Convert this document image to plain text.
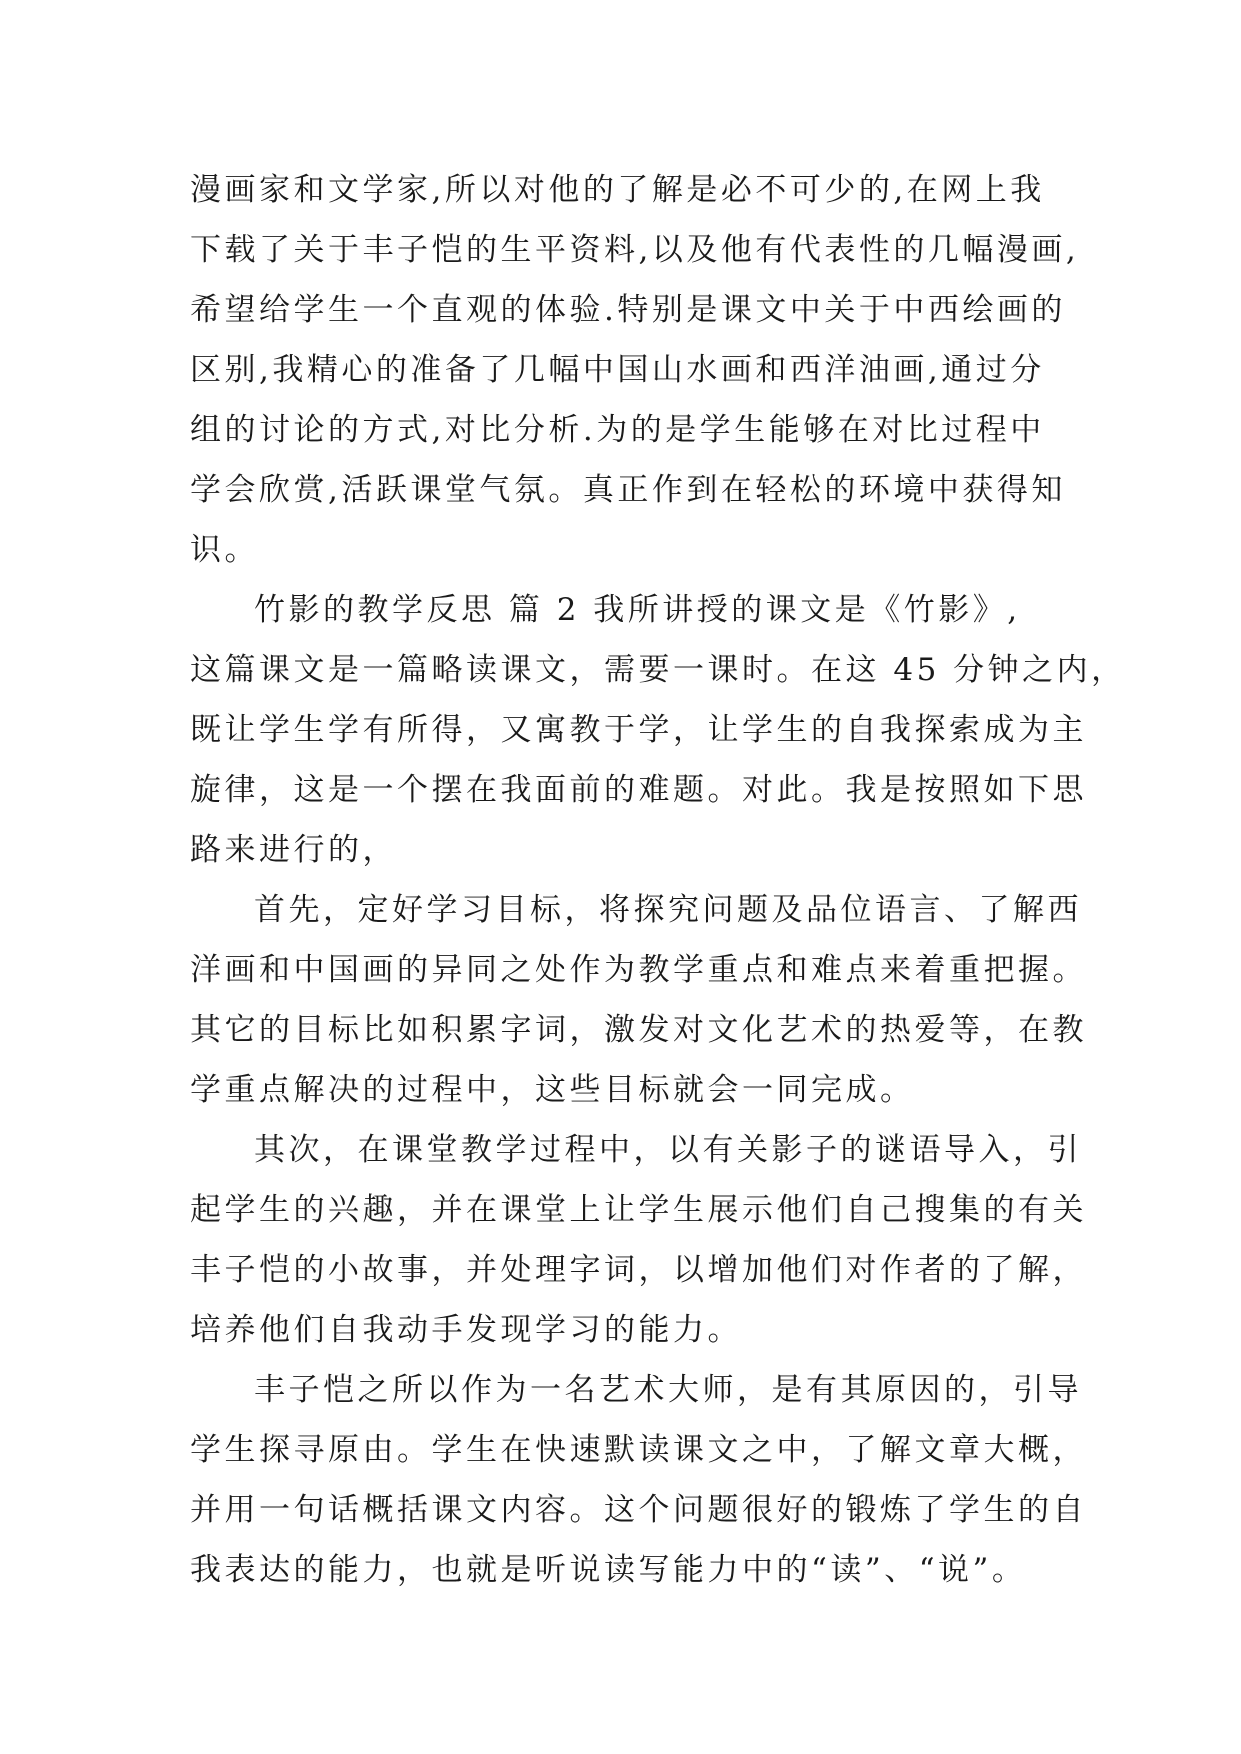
漫画家和文学家,所以对他的了解是必不可少的,在网上我
下载了关于丰子恺的生平资料,以及他有代表性的几幅漫画,
希望给学生一个直观的体验.特别是课文中关于中西绘画的
区别,我精心的准备了几幅中国山水画和西洋油画,通过分
组的讨论的方式,对比分析.为的是学生能够在对比过程中
学会欣赏,活跃课堂气氛。真正作到在轻松的环境中获得知
识。
竹影的教学反思 篇 2 我所讲授的课文是《竹影》,
这篇课文是一篇略读课文，需要一课时。在这 45 分钟之内，
既让学生学有所得，又寓教于学，让学生的自我探索成为主
旋律，这是一个摆在我面前的难题。对此。我是按照如下思
路来进行的，
首先，定好学习目标，将探究问题及品位语言、了解西
洋画和中国画的异同之处作为教学重点和难点来着重把握。
其它的目标比如积累字词，激发对文化艺术的热爱等，在教
学重点解决的过程中，这些目标就会一同完成。
其次，在课堂教学过程中，以有关影子的谜语导入，引
起学生的兴趣，并在课堂上让学生展示他们自己搜集的有关
丰子恺的小故事，并处理字词，以增加他们对作者的了解，
培养他们自我动手发现学习的能力。
丰子恺之所以作为一名艺术大师，是有其原因的，引导
学生探寻原由。学生在快速默读课文之中，了解文章大概，
并用一句话概括课文内容。这个问题很好的锻炼了学生的自
我表达的能力，也就是听说读写能力中的“读”、“说”。
